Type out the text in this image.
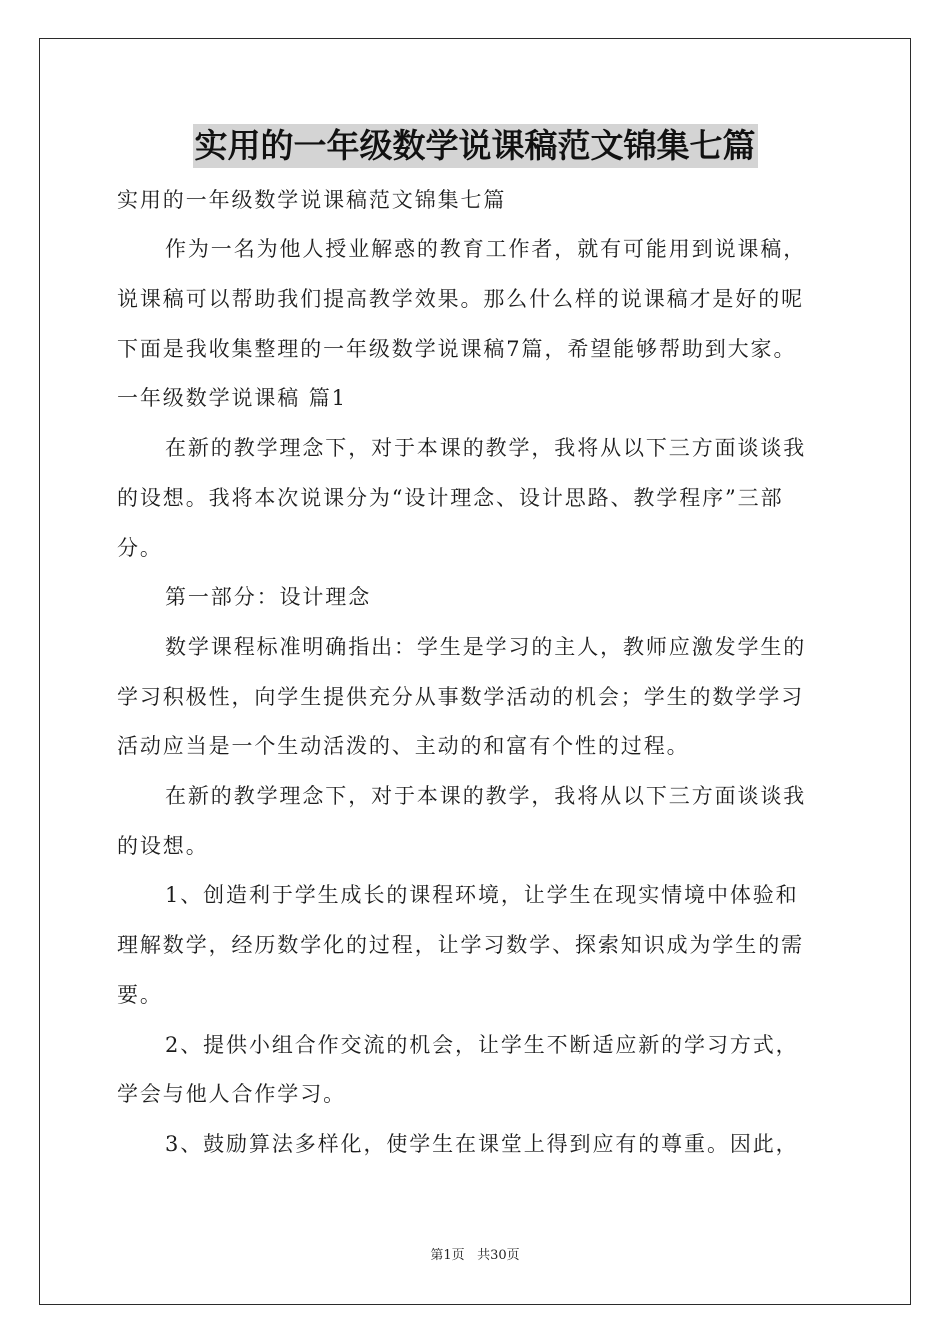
实用的一年级数学说课稿范文锦集七篇

实用的一年级数学说课稿范文锦集七篇

作为一名为他人授业解惑的教育工作者，就有可能用到说课稿，

说课稿可以帮助我们提高教学效果。那么什么样的说课稿才是好的呢

下面是我收集整理的一年级数学说课稿7篇，希望能够帮助到大家。

一年级数学说课稿 篇1

在新的教学理念下，对于本课的教学，我将从以下三方面谈谈我

的设想。我将本次说课分为“设计理念、设计思路、教学程序”三部

分。

第一部分：设计理念

数学课程标准明确指出：学生是学习的主人，教师应激发学生的

学习积极性，向学生提供充分从事数学活动的机会；学生的数学学习

活动应当是一个生动活泼的、主动的和富有个性的过程。

在新的教学理念下，对于本课的教学，我将从以下三方面谈谈我

的设想。

1、创造利于学生成长的课程环境，让学生在现实情境中体验和

理解数学，经历数学化的过程，让学习数学、探索知识成为学生的需

要。

2、提供小组合作交流的机会，让学生不断适应新的学习方式，

学会与他人合作学习。

3、鼓励算法多样化，使学生在课堂上得到应有的尊重。因此，

第1页 共30页
